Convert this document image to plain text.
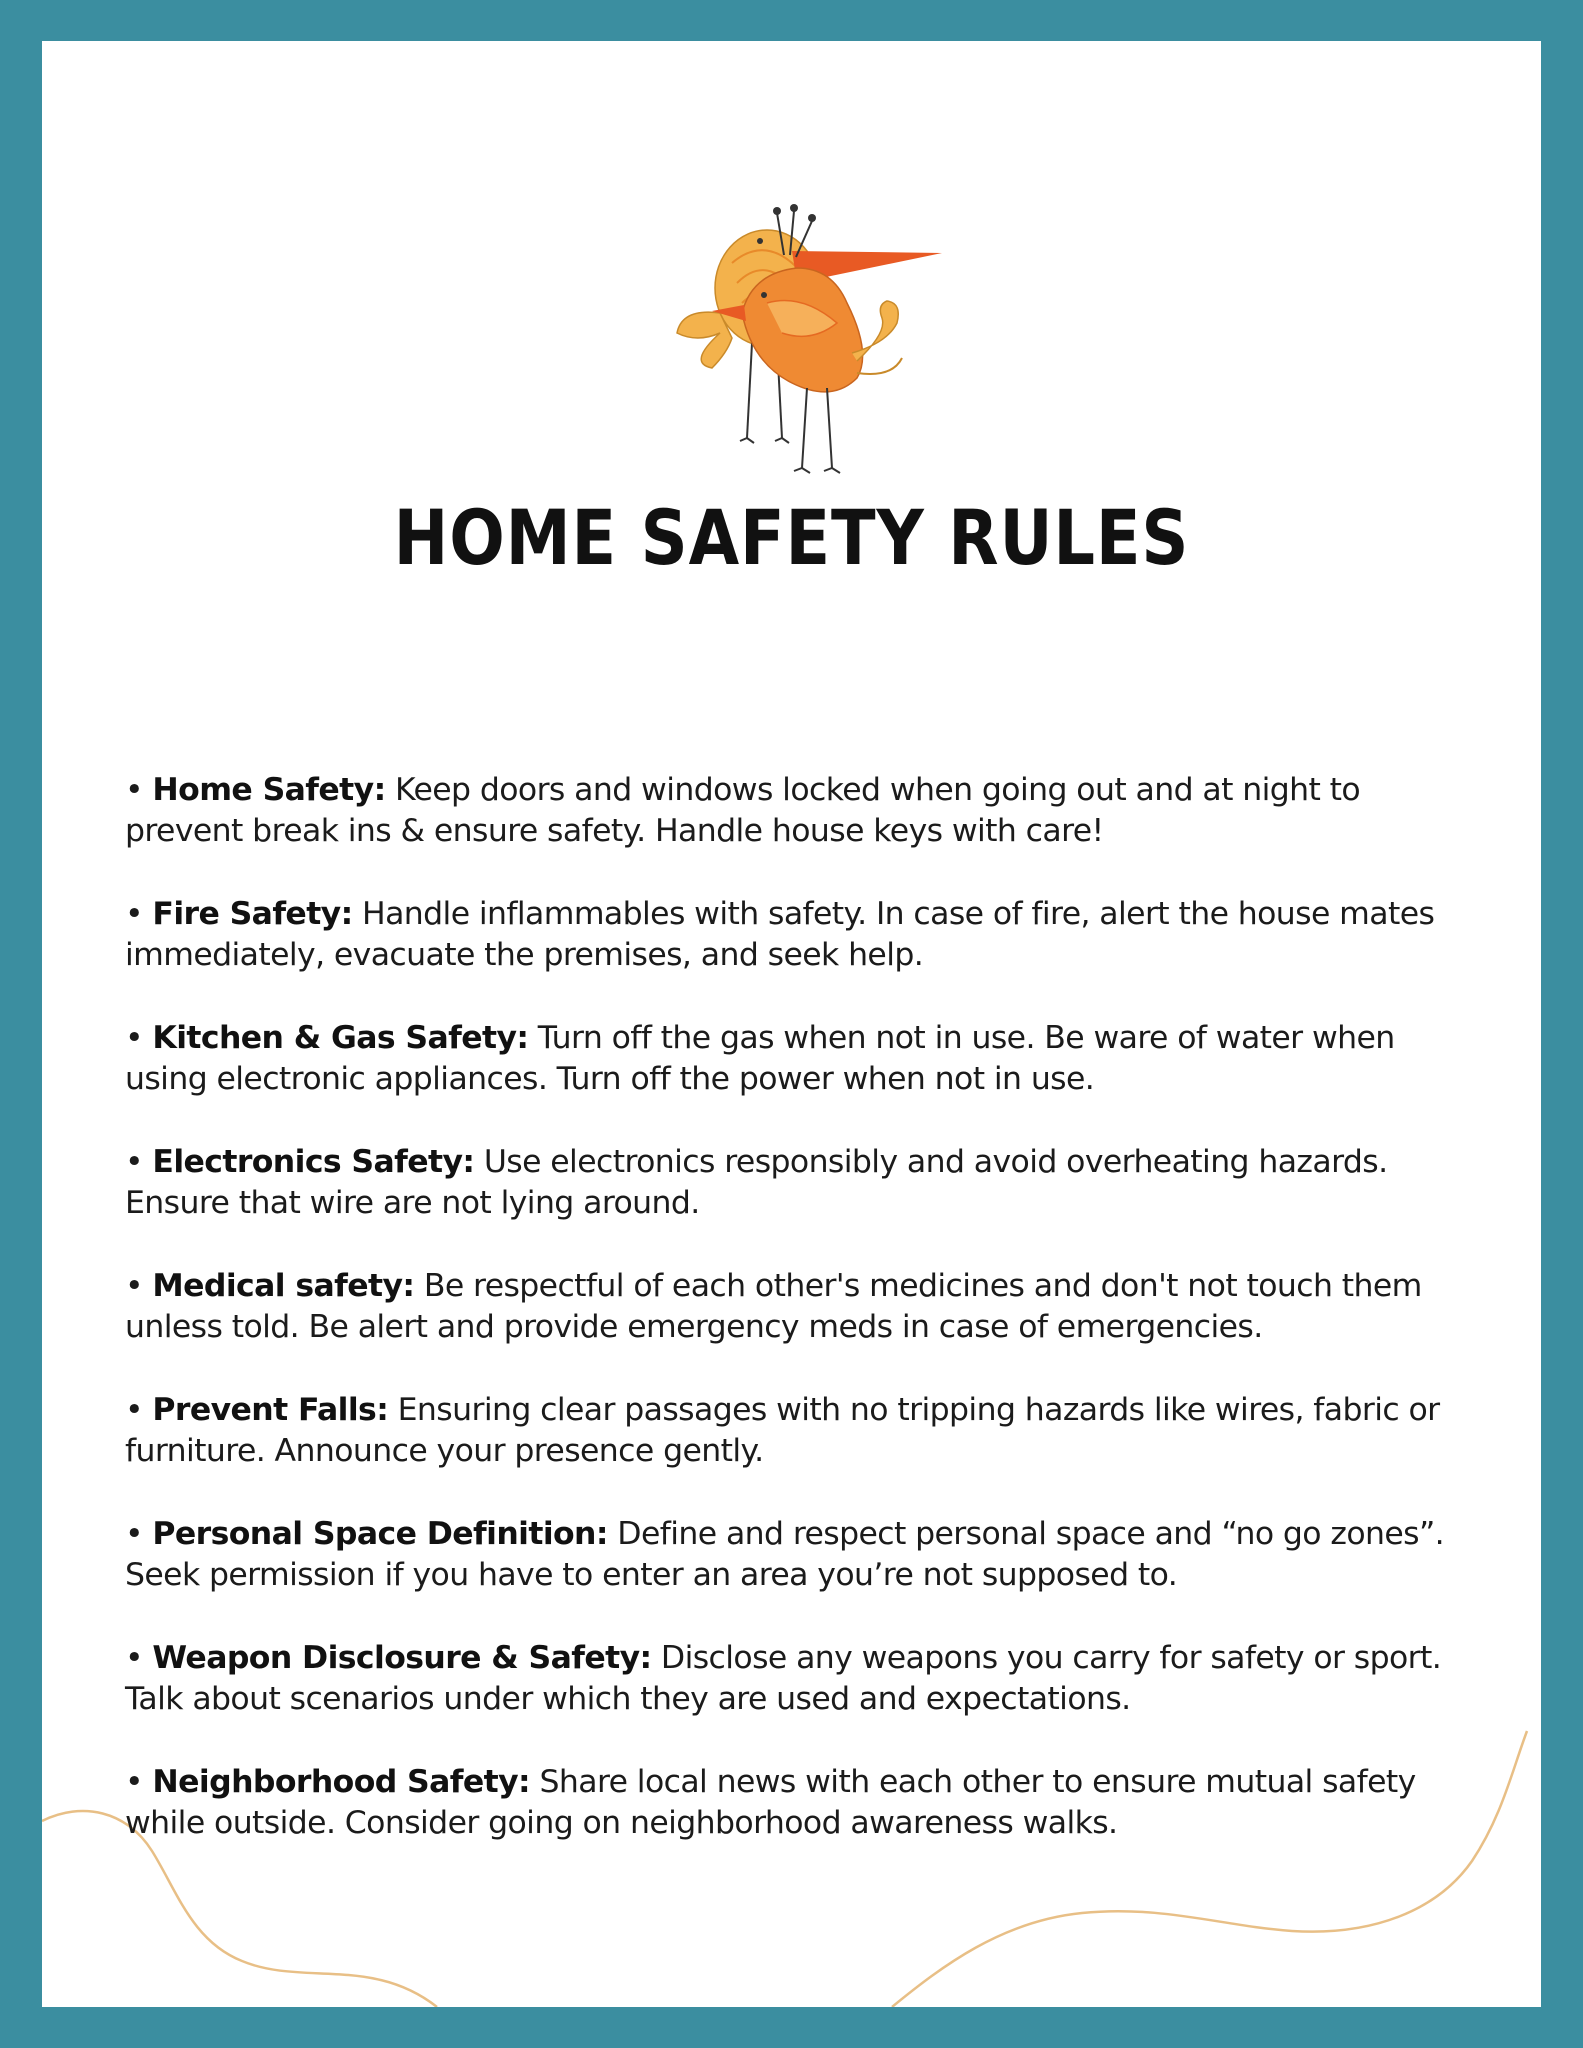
HOME SAFETY RULES
• Home Safety: Keep doors and windows locked when going out and at night to prevent break ins & ensure safety. Handle house keys with care!
• Fire Safety: Handle inflammables with safety. In case of fire, alert the house mates immediately, evacuate the premises, and seek help.
• Kitchen & Gas Safety: Turn off the gas when not in use. Be ware of water when using electronic appliances. Turn off the power when not in use.
• Electronics Safety: Use electronics responsibly and avoid overheating hazards. Ensure that wire are not lying around.
• Medical safety: Be respectful of each other's medicines and don't not touch them unless told. Be alert and provide emergency meds in case of emergencies.
• Prevent Falls: Ensuring clear passages with no tripping hazards like wires, fabric or furniture. Announce your presence gently.
• Personal Space Definition: Define and respect personal space and “no go zones”. Seek permission if you have to enter an area you’re not supposed to.
• Weapon Disclosure & Safety: Disclose any weapons you carry for safety or sport. Talk about scenarios under which they are used and expectations.
• Neighborhood Safety: Share local news with each other to ensure mutual safety while outside. Consider going on neighborhood awareness walks.
